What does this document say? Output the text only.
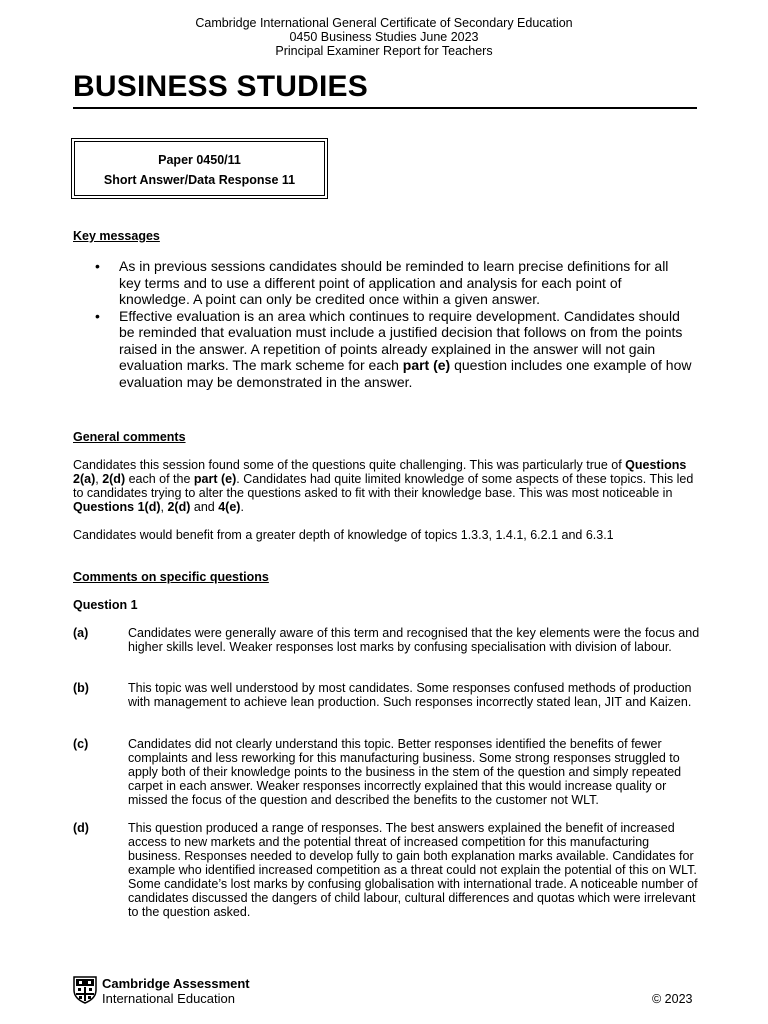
Cambridge International General Certificate of Secondary Education
0450 Business Studies June 2023
Principal Examiner Report for Teachers
BUSINESS STUDIES
Paper 0450/11
Short Answer/Data Response 11
Key messages
• As in previous sessions candidates should be reminded to learn precise definitions for all key terms and to use a different point of application and analysis for each point of knowledge. A point can only be credited once within a given answer.
• Effective evaluation is an area which continues to require development. Candidates should be reminded that evaluation must include a justified decision that follows on from the points raised in the answer. A repetition of points already explained in the answer will not gain evaluation marks. The mark scheme for each part (e) question includes one example of how evaluation may be demonstrated in the answer.
General comments
Candidates this session found some of the questions quite challenging. This was particularly true of Questions 2(a), 2(d) each of the part (e). Candidates had quite limited knowledge of some aspects of these topics. This led to candidates trying to alter the questions asked to fit with their knowledge base. This was most noticeable in Questions 1(d), 2(d) and 4(e).
Candidates would benefit from a greater depth of knowledge of topics 1.3.3, 1.4.1, 6.2.1 and 6.3.1
Comments on specific questions
Question 1
(a)	Candidates were generally aware of this term and recognised that the key elements were the focus and higher skills level. Weaker responses lost marks by confusing specialisation with division of labour.
(b)	This topic was well understood by most candidates. Some responses confused methods of production with management to achieve lean production. Such responses incorrectly stated lean, JIT and Kaizen.
(c)	Candidates did not clearly understand this topic. Better responses identified the benefits of fewer complaints and less reworking for this manufacturing business. Some strong responses struggled to apply both of their knowledge points to the business in the stem of the question and simply repeated carpet in each answer. Weaker responses incorrectly explained that this would increase quality or missed the focus of the question and described the benefits to the customer not WLT.
(d)	This question produced a range of responses. The best answers explained the benefit of increased access to new markets and the potential threat of increased competition for this manufacturing business. Responses needed to develop fully to gain both explanation marks available. Candidates for example who identified increased competition as a threat could not explain the potential of this on WLT. Some candidate’s lost marks by confusing globalisation with international trade. A noticeable number of candidates discussed the dangers of child labour, cultural differences and quotas which were irrelevant to the question asked.
Cambridge Assessment
International Education	© 2023
